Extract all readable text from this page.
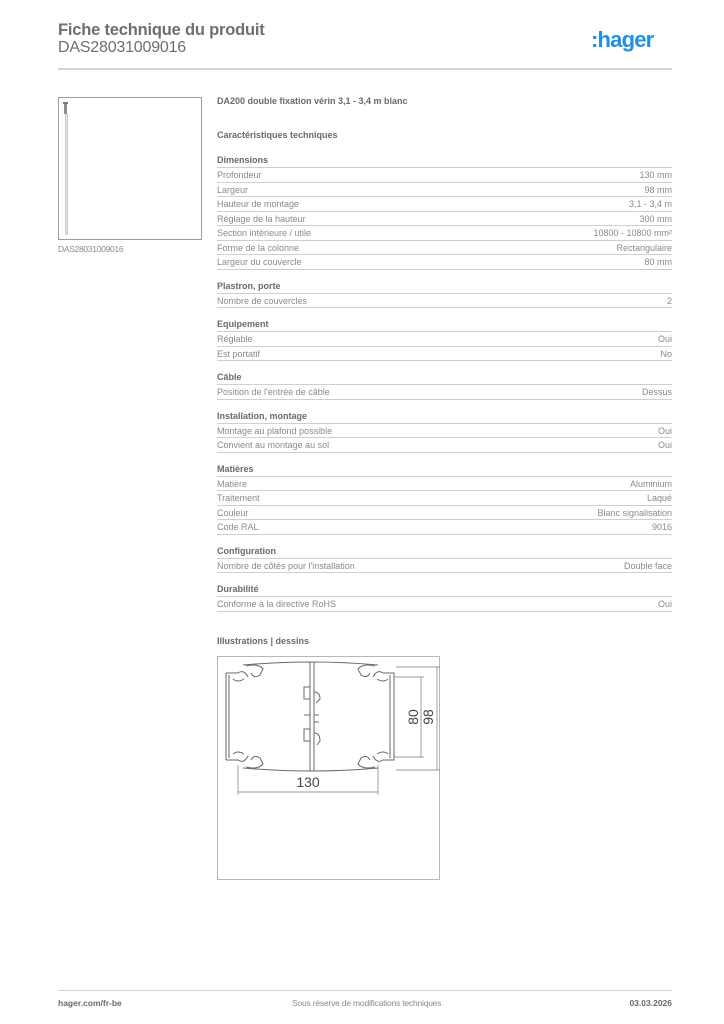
Fiche technique du produit
DAS28031009016	:hager
DAS28031009016
DA200 double fixation vérin 3,1 - 3,4 m blanc
Caractéristiques techniques
Dimensions
Profondeur	130 mm
Largeur	98 mm
Hauteur de montage	3,1 - 3,4 m
Réglage de la hauteur	300 mm
Section intérieure / utile	10800 - 10800 mm²
Forme de la colonne	Rectangulaire
Largeur du couvercle	80 mm
Plastron, porte
Nombre de couvercles	2
Equipement
Réglable	Oui
Est portatif	No
Câble
Position de l'entrée de câble	Dessus
Installation, montage
Montage au plafond possible	Oui
Convient au montage au sol	Oui
Matières
Matière	Aluminium
Traitement	Laqué
Couleur	Blanc signalisation
Code RAL	9016
Configuration
Nombre de côtés pour l'installation	Double face
Durabilité
Conforme à la directive RoHS	Oui
Illustrations | dessins
130
80 98
hager.com/fr-be	Sous réserve de modifications techniques	03.03.2026
